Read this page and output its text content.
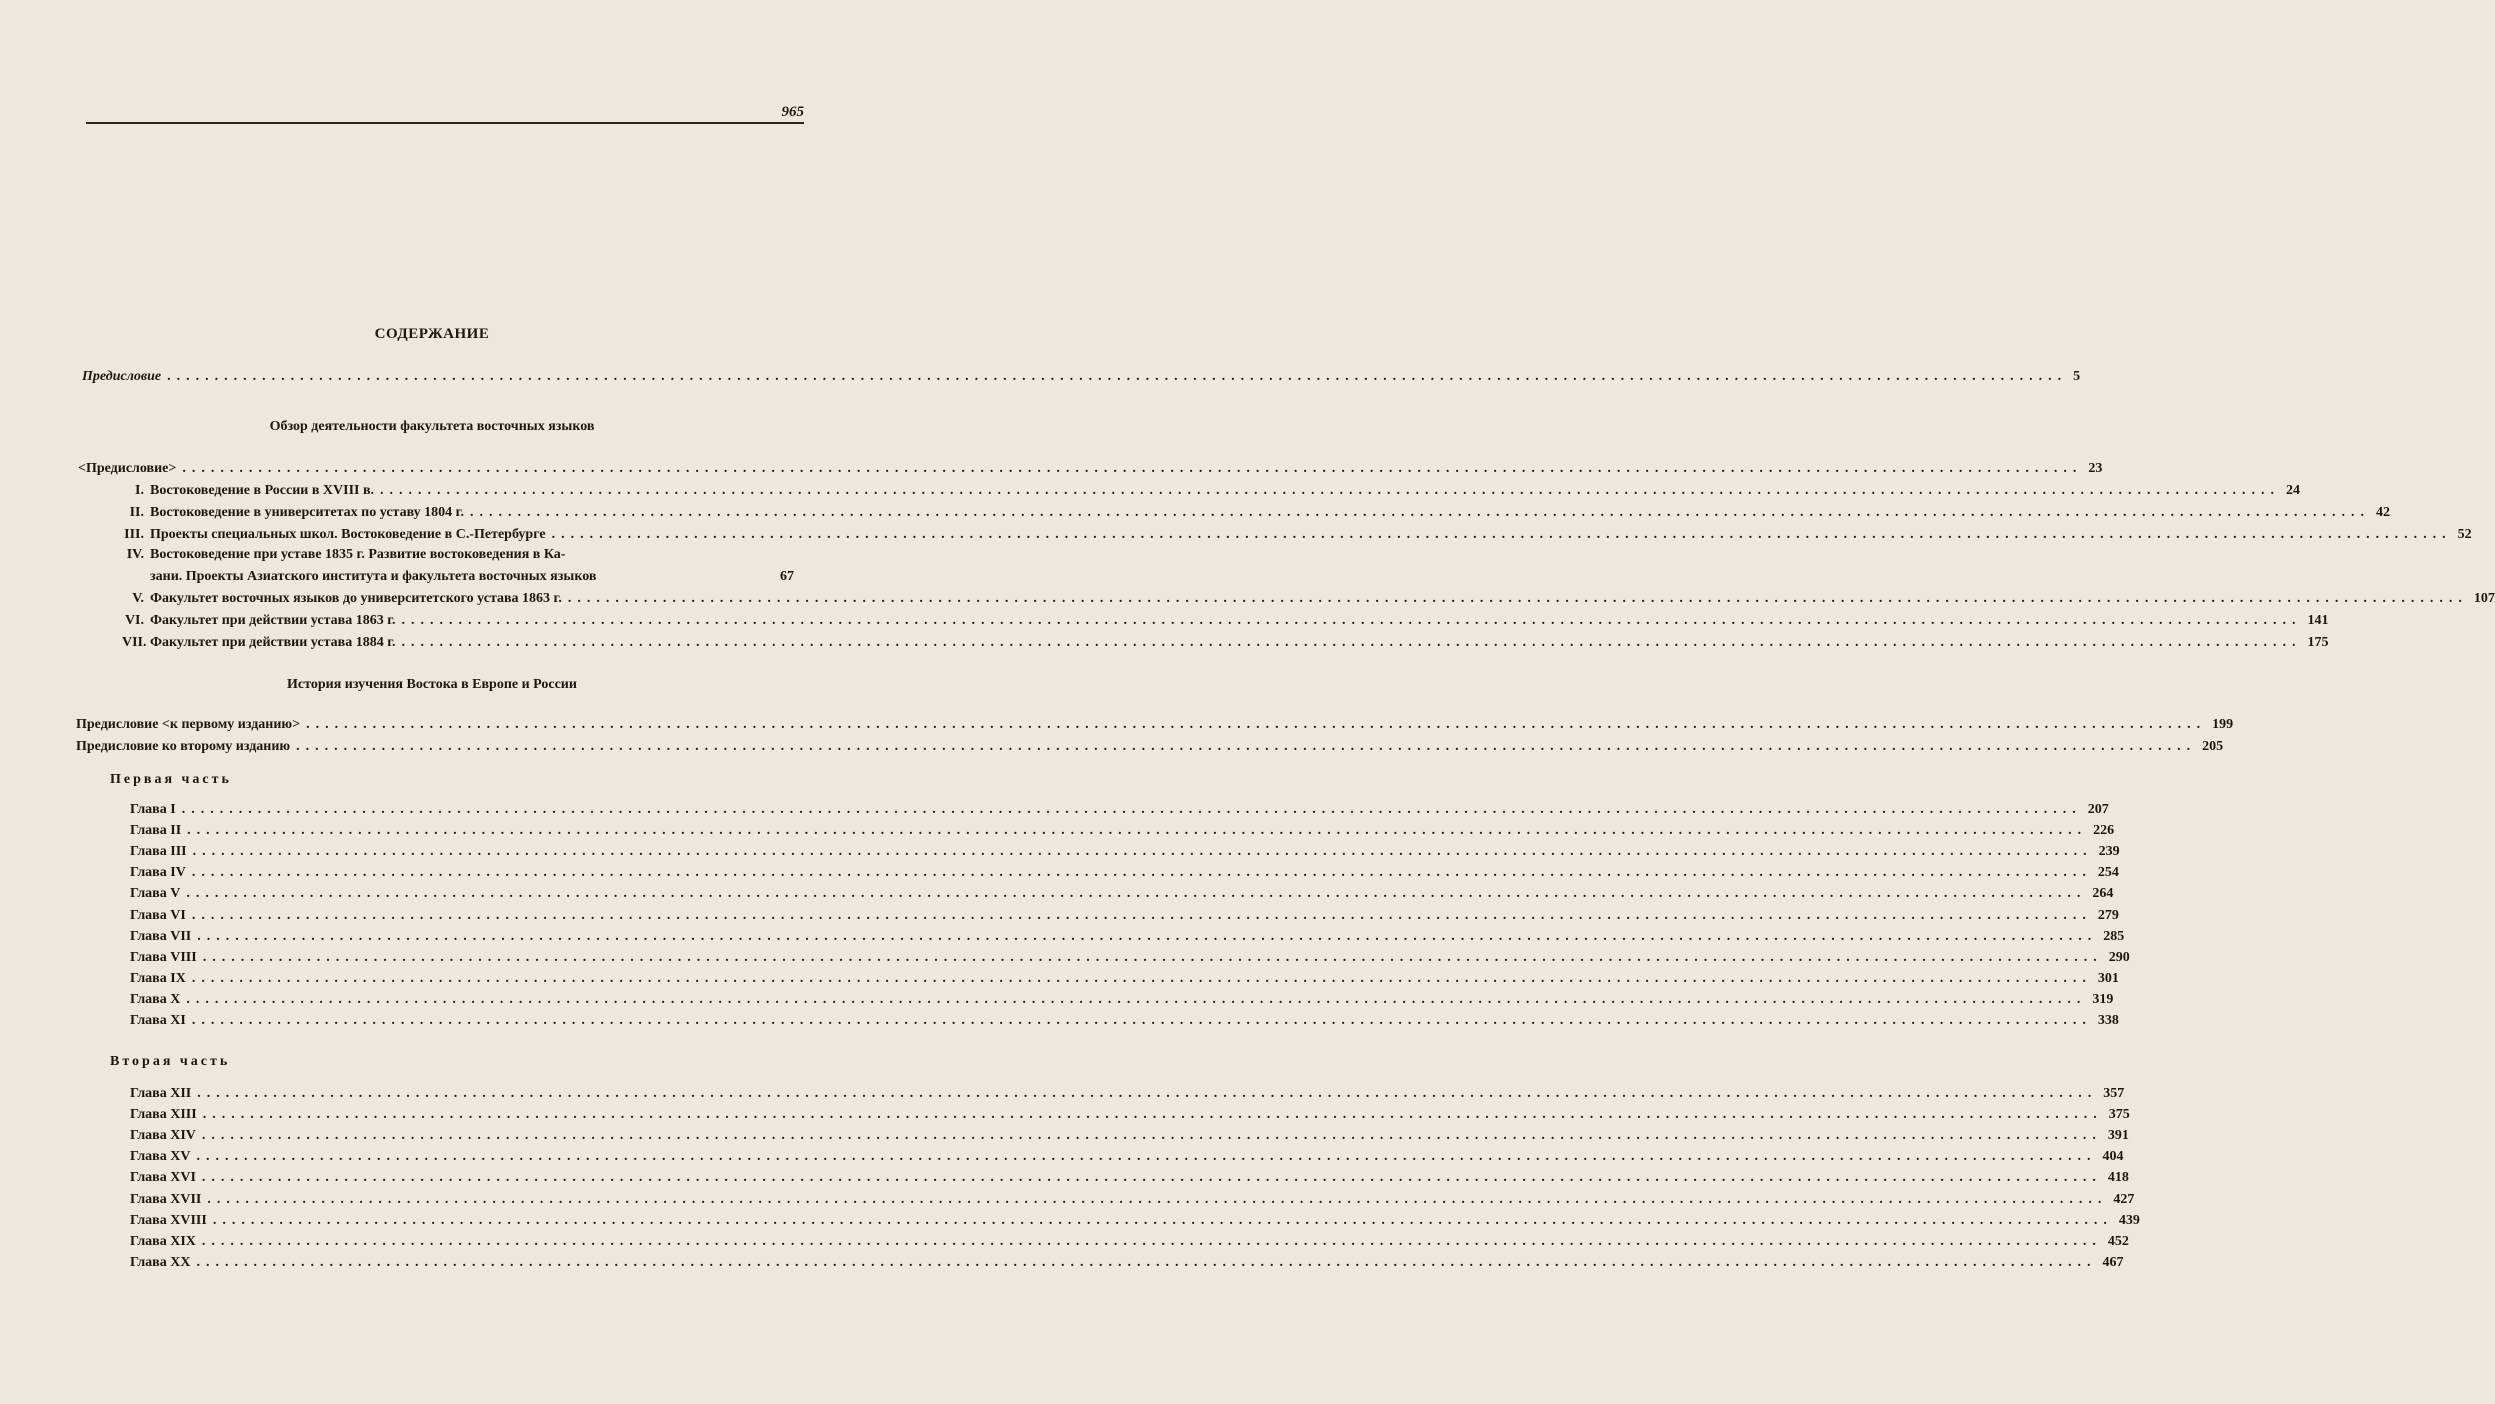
965
СОДЕРЖАНИЕ
Предисловие ........................................................................................................................................................................................................ 5
Обзор деятельности факультета восточных языков
<Предисловие> ........................................................................................................................................................................................................ 23
I. Востоковедение в России в XVIII в. ........................................................................................................................................................................................................ 24
II. Востоковедение в университетах по уставу 1804 г. ........................................................................................................................................................................................................ 42
III. Проекты специальных школ. Востоковедение в С.-Петербурге ........................................................................................................................................................................................................ 52
IV. Востоковедение при уставе 1835 г. Развитие востоковедения в Ка-
зани. Проекты Азиатского института и факультета восточных языков	67
V. Факультет восточных языков до университетского устава 1863 г. ........................................................................................................................................................................................................ 107
VI. Факультет при действии устава 1863 г. ........................................................................................................................................................................................................ 141
VII. Факультет при действии устава 1884 г. ........................................................................................................................................................................................................ 175
История изучения Востока в Европе и России
Предисловие <к первому изданию> ........................................................................................................................................................................................................ 199
Предисловие ко второму изданию ........................................................................................................................................................................................................ 205
Первая часть
Глава I ........................................................................................................................................................................................................ 207
Глава II ........................................................................................................................................................................................................ 226
Глава III ........................................................................................................................................................................................................ 239
Глава IV ........................................................................................................................................................................................................ 254
Глава V ........................................................................................................................................................................................................ 264
Глава VI ........................................................................................................................................................................................................ 279
Глава VII ........................................................................................................................................................................................................ 285
Глава VIII ........................................................................................................................................................................................................ 290
Глава IX ........................................................................................................................................................................................................ 301
Глава X ........................................................................................................................................................................................................ 319
Глава XI ........................................................................................................................................................................................................ 338
Вторая часть
Глава XII ........................................................................................................................................................................................................ 357
Глава XIII ........................................................................................................................................................................................................ 375
Глава XIV ........................................................................................................................................................................................................ 391
Глава XV ........................................................................................................................................................................................................ 404
Глава XVI ........................................................................................................................................................................................................ 418
Глава XVII ........................................................................................................................................................................................................ 427
Глава XVIII ........................................................................................................................................................................................................ 439
Глава XIX ........................................................................................................................................................................................................ 452
Глава XX ........................................................................................................................................................................................................ 467
